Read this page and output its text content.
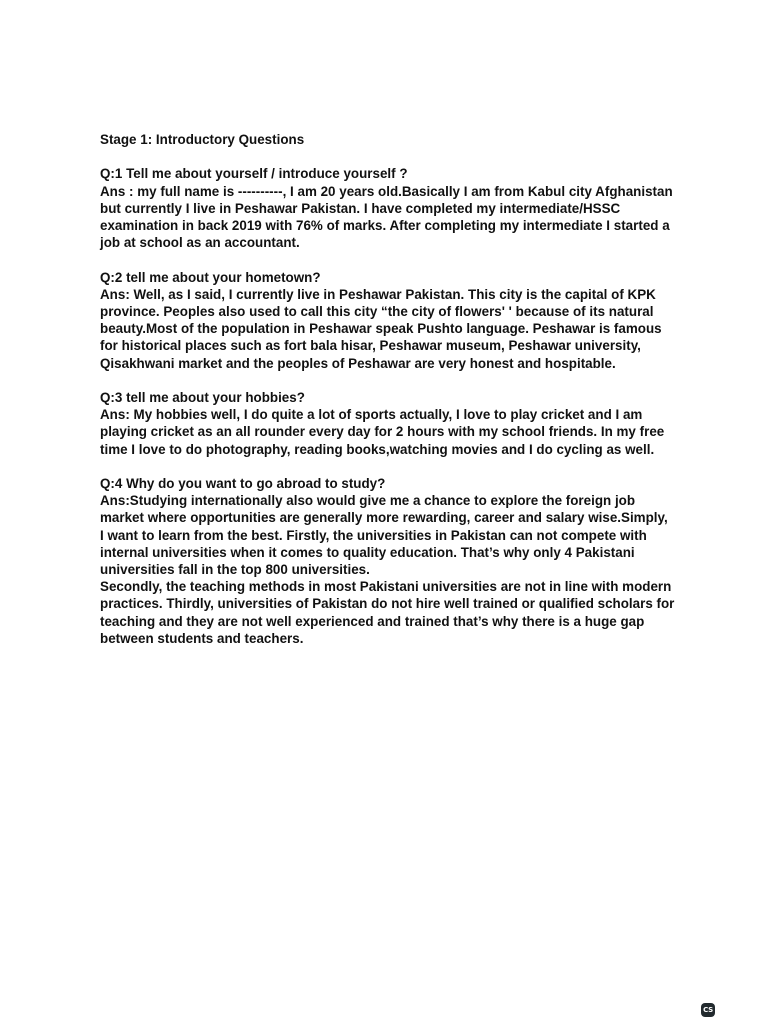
Stage 1: Introductory Questions

Q:1 Tell me about yourself / introduce yourself ?

Ans : my full name is ----------, I am 20 years old.Basically I am from Kabul city Afghanistan but currently I live in Peshawar Pakistan. I have completed my intermediate/HSSC examination in back 2019 with 76% of marks. After completing my intermediate I started a job at school as an accountant.

Q:2 tell me about your hometown?

Ans: Well, as I said, I currently live in Peshawar Pakistan. This city is the capital of KPK province. Peoples also used to call this city “the city of flowers' ' because of its natural beauty.Most of the population in Peshawar speak Pushto language. Peshawar is famous for historical places such as fort bala hisar, Peshawar museum, Peshawar university, Qisakhwani market and the peoples of Peshawar are very honest and hospitable.

Q:3 tell me about your hobbies?

Ans: My hobbies well, I do quite a lot of sports actually, I love to play cricket and I am playing cricket as an all rounder every day for 2 hours with my school friends. In my free time I love to do photography, reading books,watching movies and I do cycling as well.

Q:4 Why do you want to go abroad to study?

Ans:Studying internationally also would give me a chance to explore the foreign job market where opportunities are generally more rewarding, career and salary wise.Simply, I want to learn from the best. Firstly, the universities in Pakistan can not compete with internal universities when it comes to quality education. That’s why only 4 Pakistani universities fall in the top 800 universities.

Secondly, the teaching methods in most Pakistani universities are not in line with modern practices. Thirdly, universities of Pakistan do not hire well trained or qualified scholars for teaching and they are not well experienced and trained that’s why there is a huge gap between students and teachers.

CS
